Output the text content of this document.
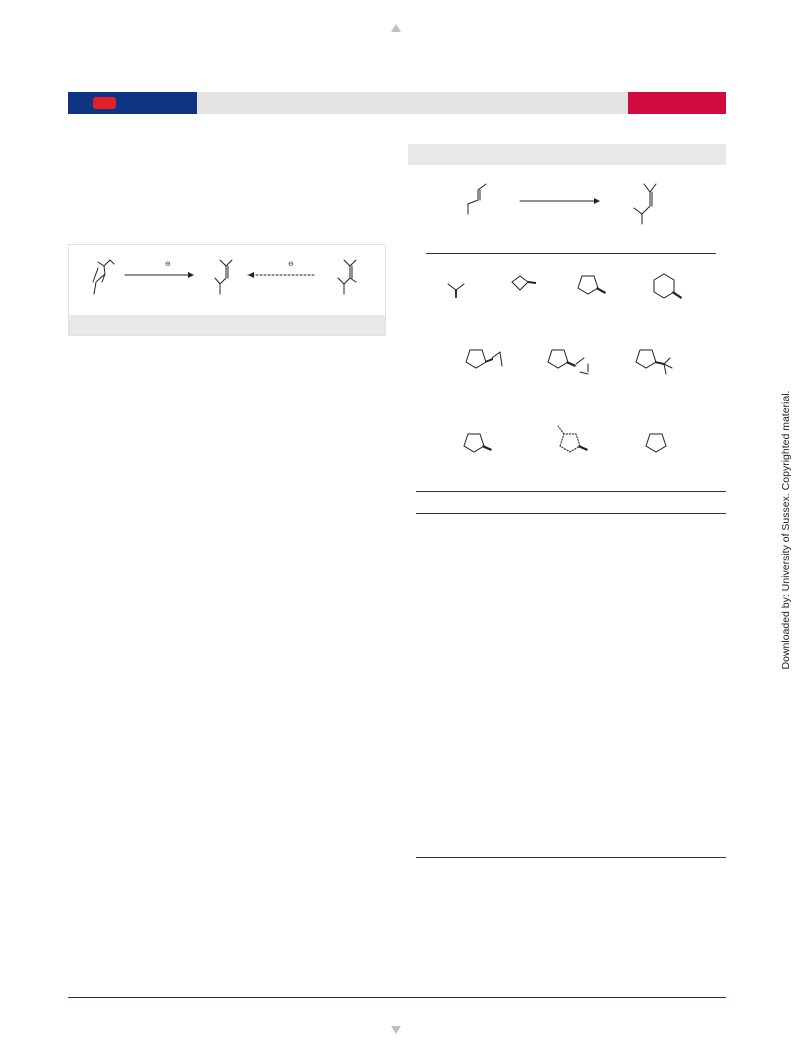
⊖	⊖
Downloaded by: University of Sussex. Copyrighted material.
